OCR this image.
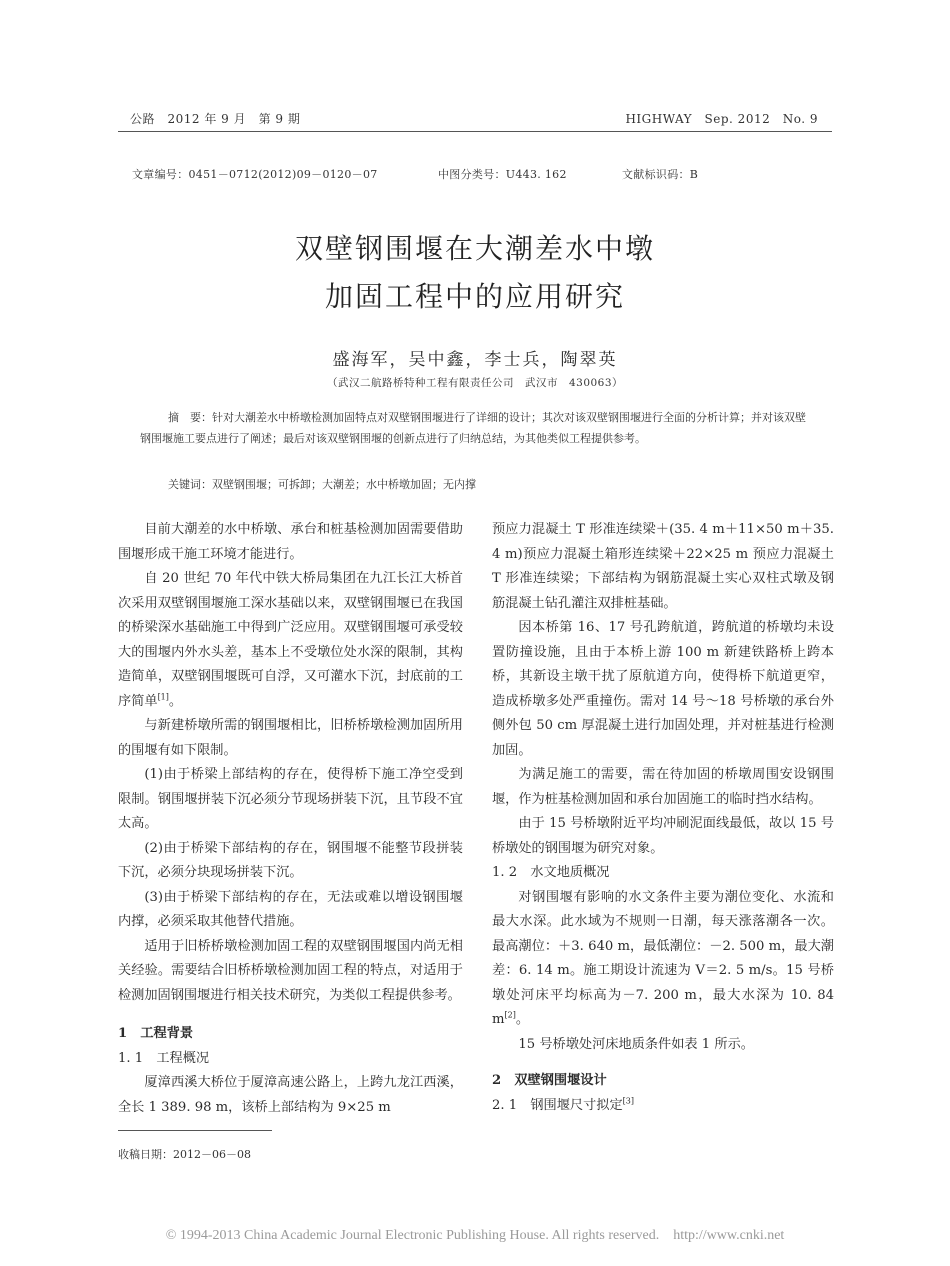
公路　2012 年 9 月　第 9 期	HIGHWAY　Sep. 2012　No. 9
文章编号：0451－0712(2012)09－0120－07	中图分类号：U443. 162	文献标识码：B
双壁钢围堰在大潮差水中墩
加固工程中的应用研究
盛海军，吴中鑫，李士兵，陶翠英
（武汉二航路桥特种工程有限责任公司　武汉市　430063）
摘　要：针对大潮差水中桥墩检测加固特点对双壁钢围堰进行了详细的设计；其次对该双壁钢围堰进行全面的分析计算；并对该双壁钢围堰施工要点进行了阐述；最后对该双壁钢围堰的创新点进行了归纳总结，为其他类似工程提供参考。
关键词：双壁钢围堰；可拆卸；大潮差；水中桥墩加固；无内撑

目前大潮差的水中桥墩、承台和桩基检测加固需要借助围堰形成干施工环境才能进行。

自 20 世纪 70 年代中铁大桥局集团在九江长江大桥首次采用双壁钢围堰施工深水基础以来，双壁钢围堰已在我国的桥梁深水基础施工中得到广泛应用。双壁钢围堰可承受较大的围堰内外水头差，基本上不受墩位处水深的限制，其构造简单，双壁钢围堰既可自浮，又可灌水下沉，封底前的工序简单[1]。

与新建桥墩所需的钢围堰相比，旧桥桥墩检测加固所用的围堰有如下限制。

(1)由于桥梁上部结构的存在，使得桥下施工净空受到限制。钢围堰拼装下沉必须分节现场拼装下沉，且节段不宜太高。

(2)由于桥梁下部结构的存在，钢围堰不能整节段拼装下沉，必须分块现场拼装下沉。

(3)由于桥梁下部结构的存在，无法或难以增设钢围堰内撑，必须采取其他替代措施。

适用于旧桥桥墩检测加固工程的双壁钢围堰国内尚无相关经验。需要结合旧桥桥墩检测加固工程的特点，对适用于检测加固钢围堰进行相关技术研究，为类似工程提供参考。

1　工程背景
1. 1　工程概况

厦漳西溪大桥位于厦漳高速公路上，上跨九龙江西溪，全长 1 389. 98 m，该桥上部结构为 9×25 m

预应力混凝土 T 形准连续梁＋(35. 4 m＋11×50 m＋35. 4 m)预应力混凝土箱形连续梁＋22×25 m 预应力混凝土 T 形准连续梁；下部结构为钢筋混凝土实心双柱式墩及钢筋混凝土钻孔灌注双排桩基础。

因本桥第 16、17 号孔跨航道，跨航道的桥墩均未设置防撞设施，且由于本桥上游 100 m 新建铁路桥上跨本桥，其新设主墩干扰了原航道方向，使得桥下航道更窄，造成桥墩多处严重撞伤。需对 14 号～18 号桥墩的承台外侧外包 50 cm 厚混凝土进行加固处理，并对桩基进行检测加固。

为满足施工的需要，需在待加固的桥墩周围安设钢围堰，作为桩基检测加固和承台加固施工的临时挡水结构。

由于 15 号桥墩附近平均冲刷泥面线最低，故以 15 号桥墩处的钢围堰为研究对象。

1. 2　水文地质概况

对钢围堰有影响的水文条件主要为潮位变化、水流和最大水深。此水域为不规则一日潮，每天涨落潮各一次。最高潮位：＋3. 640 m，最低潮位：－2. 500 m，最大潮差：6. 14 m。施工期设计流速为 V＝2. 5 m/s。15 号桥墩处河床平均标高为－7. 200 m，最大水深为 10. 84 m[2]。

15 号桥墩处河床地质条件如表 1 所示。

2　双壁钢围堰设计
2. 1　钢围堰尺寸拟定[3]
收稿日期：2012－06－08
© 1994-2013 China Academic Journal Electronic Publishing House. All rights reserved.　http://www.cnki.net
